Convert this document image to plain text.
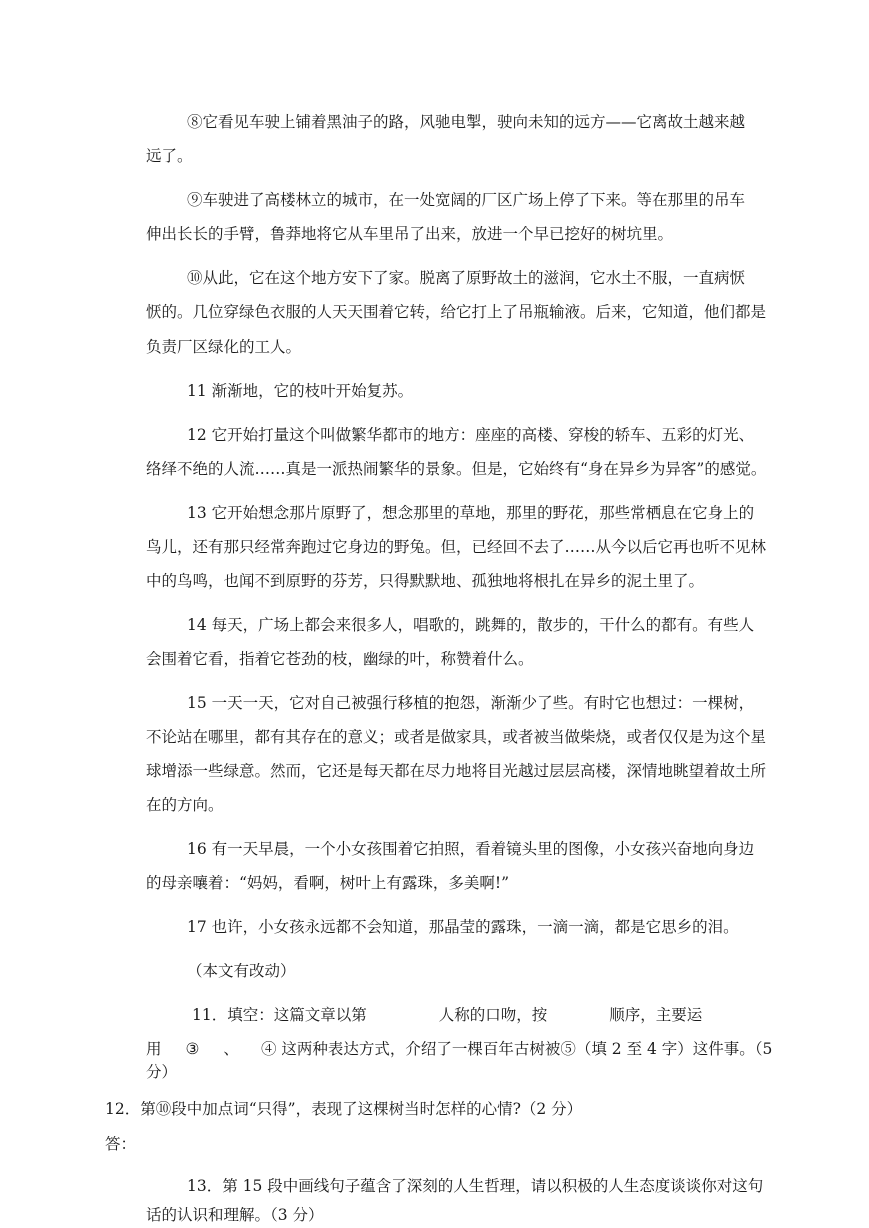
⑧它看见车驶上铺着黑油子的路，风驰电掣，驶向未知的远方——它离故土越来越

远了。

⑨车驶进了高楼林立的城市，在一处宽阔的厂区广场上停了下来。等在那里的吊车

伸出长长的手臂，鲁莽地将它从车里吊了出来，放进一个早已挖好的树坑里。

⑩从此，它在这个地方安下了家。脱离了原野故土的滋润，它水土不服，一直病恹

恹的。几位穿绿色衣服的人天天围着它转，给它打上了吊瓶输液。后来，它知道，他们都是

负责厂区绿化的工人。

11 渐渐地，它的枝叶开始复苏。

12 它开始打量这个叫做繁华都市的地方：座座的高楼、穿梭的轿车、五彩的灯光、

络绎不绝的人流……真是一派热闹繁华的景象。但是，它始终有“身在异乡为异客”的感觉。

13 它开始想念那片原野了，想念那里的草地，那里的野花，那些常栖息在它身上的

鸟儿，还有那只经常奔跑过它身边的野兔。但，已经回不去了……从今以后它再也听不见林

中的鸟鸣，也闻不到原野的芬芳，只得默默地、孤独地将根扎在异乡的泥土里了。

14 每天，广场上都会来很多人，唱歌的，跳舞的，散步的，干什么的都有。有些人

会围着它看，指着它苍劲的枝，幽绿的叶，称赞着什么。

15 一天一天，它对自己被强行移植的抱怨，渐渐少了些。有时它也想过：一棵树，

不论站在哪里，都有其存在的意义；或者是做家具，或者被当做柴烧，或者仅仅是为这个星

球增添一些绿意。然而，它还是每天都在尽力地将目光越过层层高楼，深情地眺望着故土所

在的方向。

16 有一天早晨，一个小女孩围着它拍照，看着镜头里的图像，小女孩兴奋地向身边

的母亲嚷着：“妈妈，看啊，树叶上有露珠，多美啊!”

17 也许，小女孩永远都不会知道，那晶莹的露珠，一滴一滴，都是它思乡的泪。

（本文有改动）

11．填空：这篇文章以第	人称的口吻，按	顺序，主要运

用 ③ 、 ④ 这两种表达方式，介绍了一棵百年古树被⑤（填 2 至 4 字）这件事。（5

分）

12．第⑩段中加点词“只得”，表现了这棵树当时怎样的心情?（2 分）

答：

13．第 15 段中画线句子蕴含了深刻的人生哲理，请以积极的人生态度谈谈你对这句

话的认识和理解。（3 分）
